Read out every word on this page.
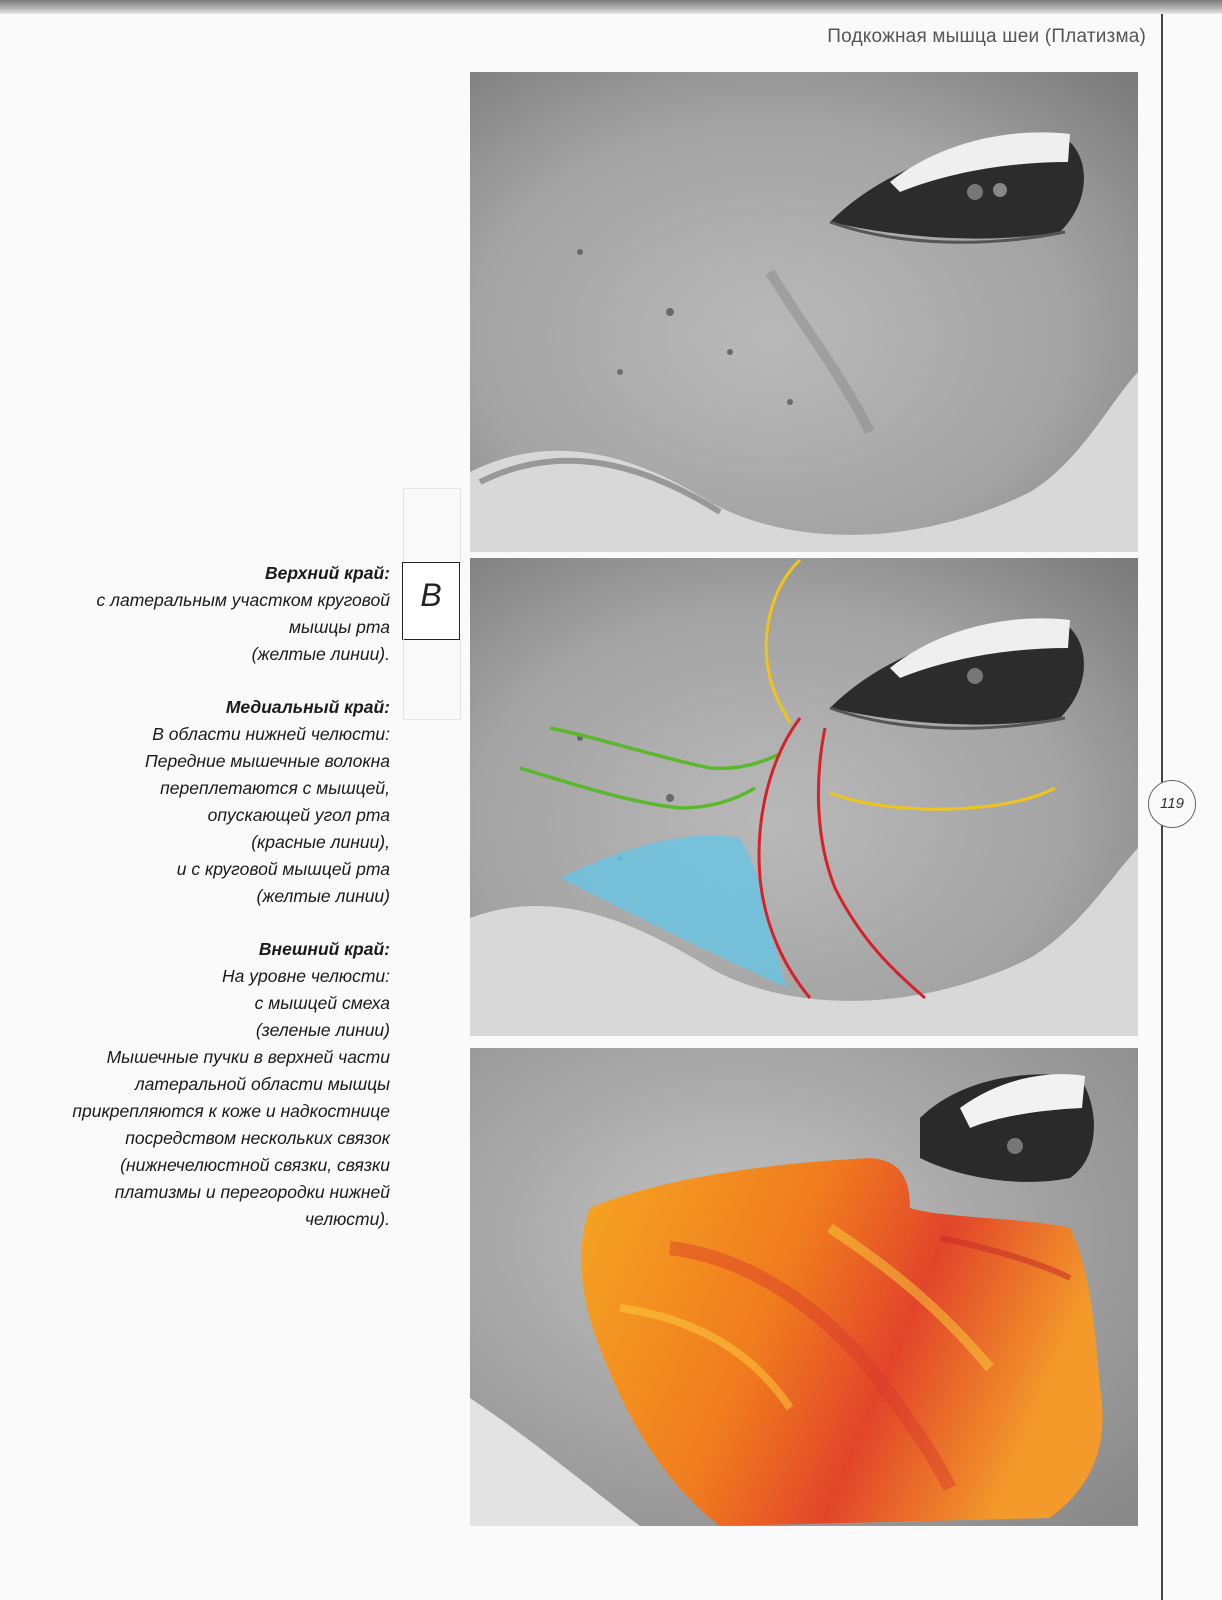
Подкожная мышца шеи (Платизма)
119
B
Верхний край:
с латеральным участком круговой
мышцы рта
(желтые линии).
Медиальный край:
В области нижней челюсти:
Передние мышечные волокна
переплетаются с мышцей,
опускающей угол рта
(красные линии),
и с круговой мышцей рта
(желтые линии)
Внешний край:
На уровне челюсти:
с мышцей смеха
(зеленые линии)
Мышечные пучки в верхней части
латеральной области мышцы
прикрепляются к коже и надкостнице
посредством нескольких связок
(нижнечелюстной связки, связки
платизмы и перегородки нижней
челюсти).
